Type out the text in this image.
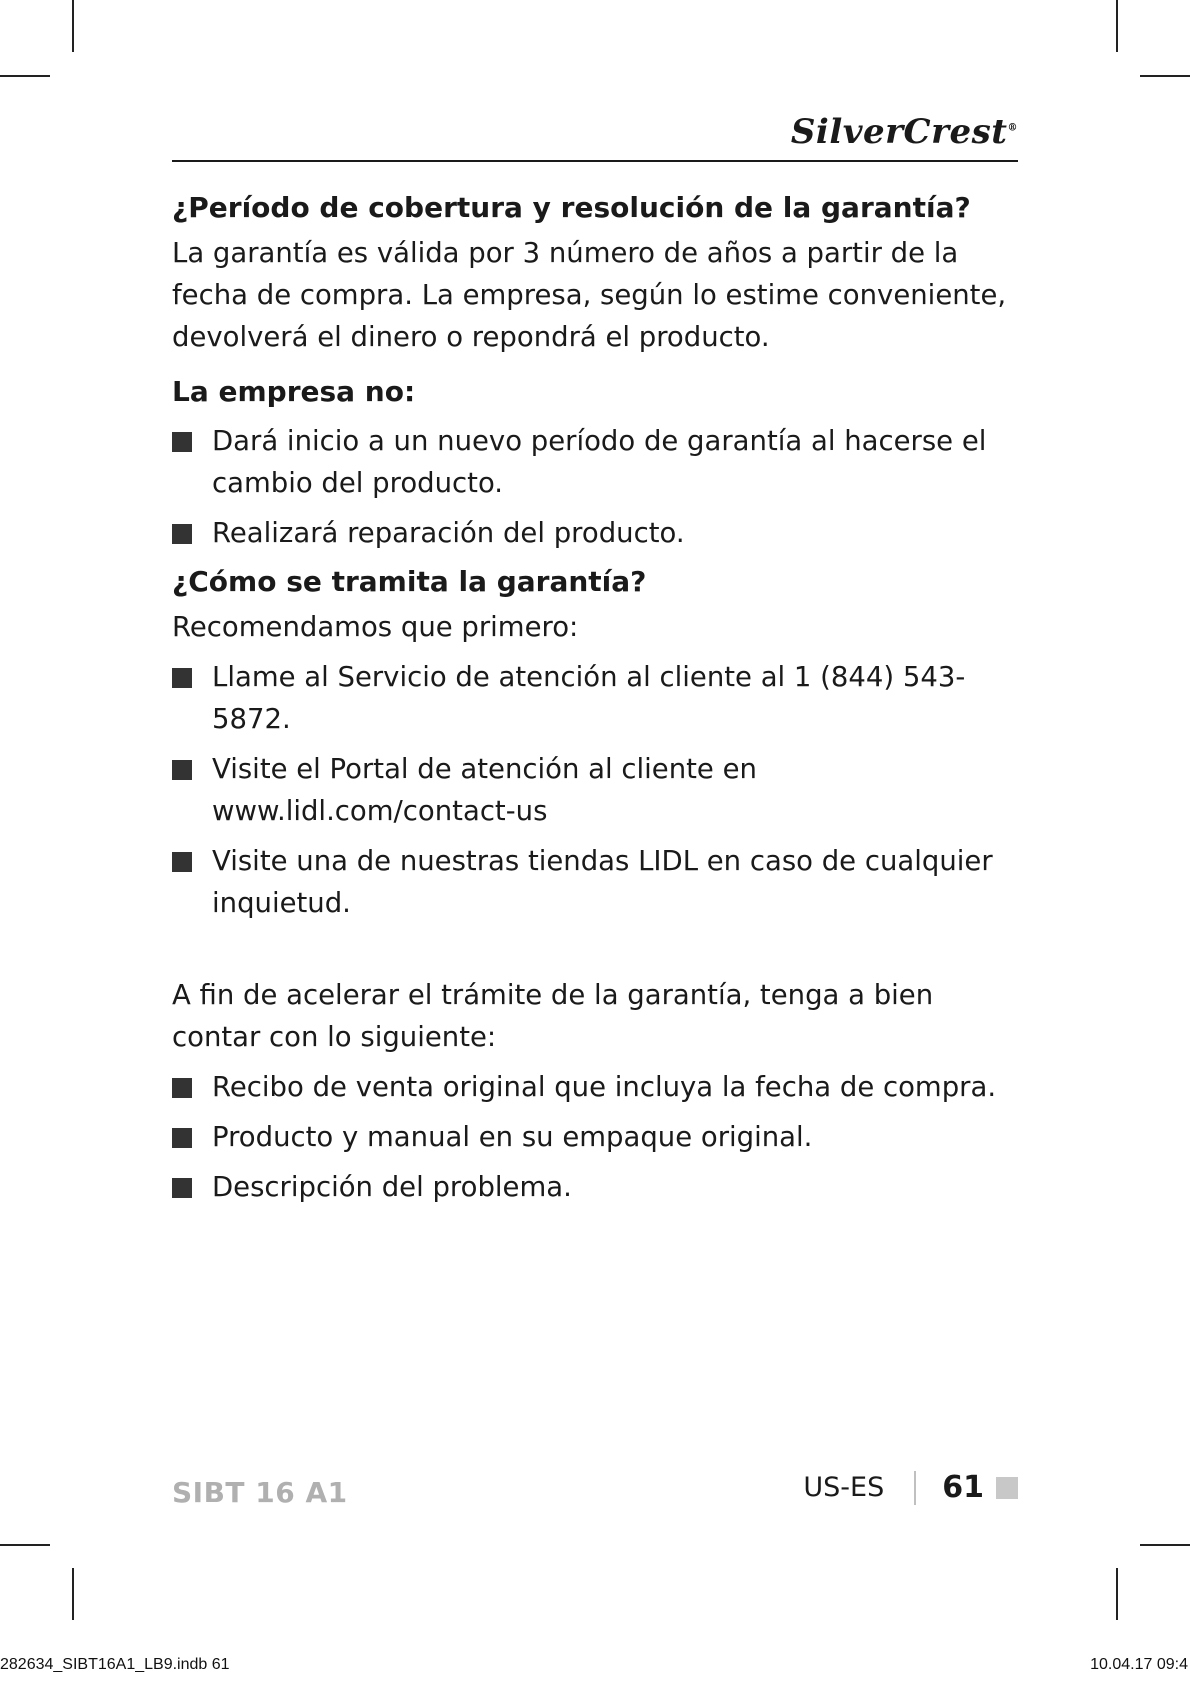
SilverCrest®
¿Período de cobertura y resolución de la garantía?

La garantía es válida por 3 número de años a partir de la fecha de compra. La empresa, según lo estime conveniente, devolverá el dinero o repondrá el producto.

La empresa no:
Dará inicio a un nuevo período de garantía al hacerse el cambio del producto.
Realizará reparación del producto.
¿Cómo se tramita la garantía?

Recomendamos que primero:

Llame al Servicio de atención al cliente al 1 (844) 543-5872.
Visite el Portal de atención al cliente en www.lidl.com/contact-us
Visite una de nuestras tiendas LIDL en caso de cualquier inquietud.

A fin de acelerar el trámite de la garantía, tenga a bien contar con lo siguiente:

Recibo de venta original que incluya la fecha de compra.
Producto y manual en su empaque original.
Descripción del problema.
SIBT 16 A1	US-ES 61
282634_SIBT16A1_LB9.indb 61	10.04.17 09:4
